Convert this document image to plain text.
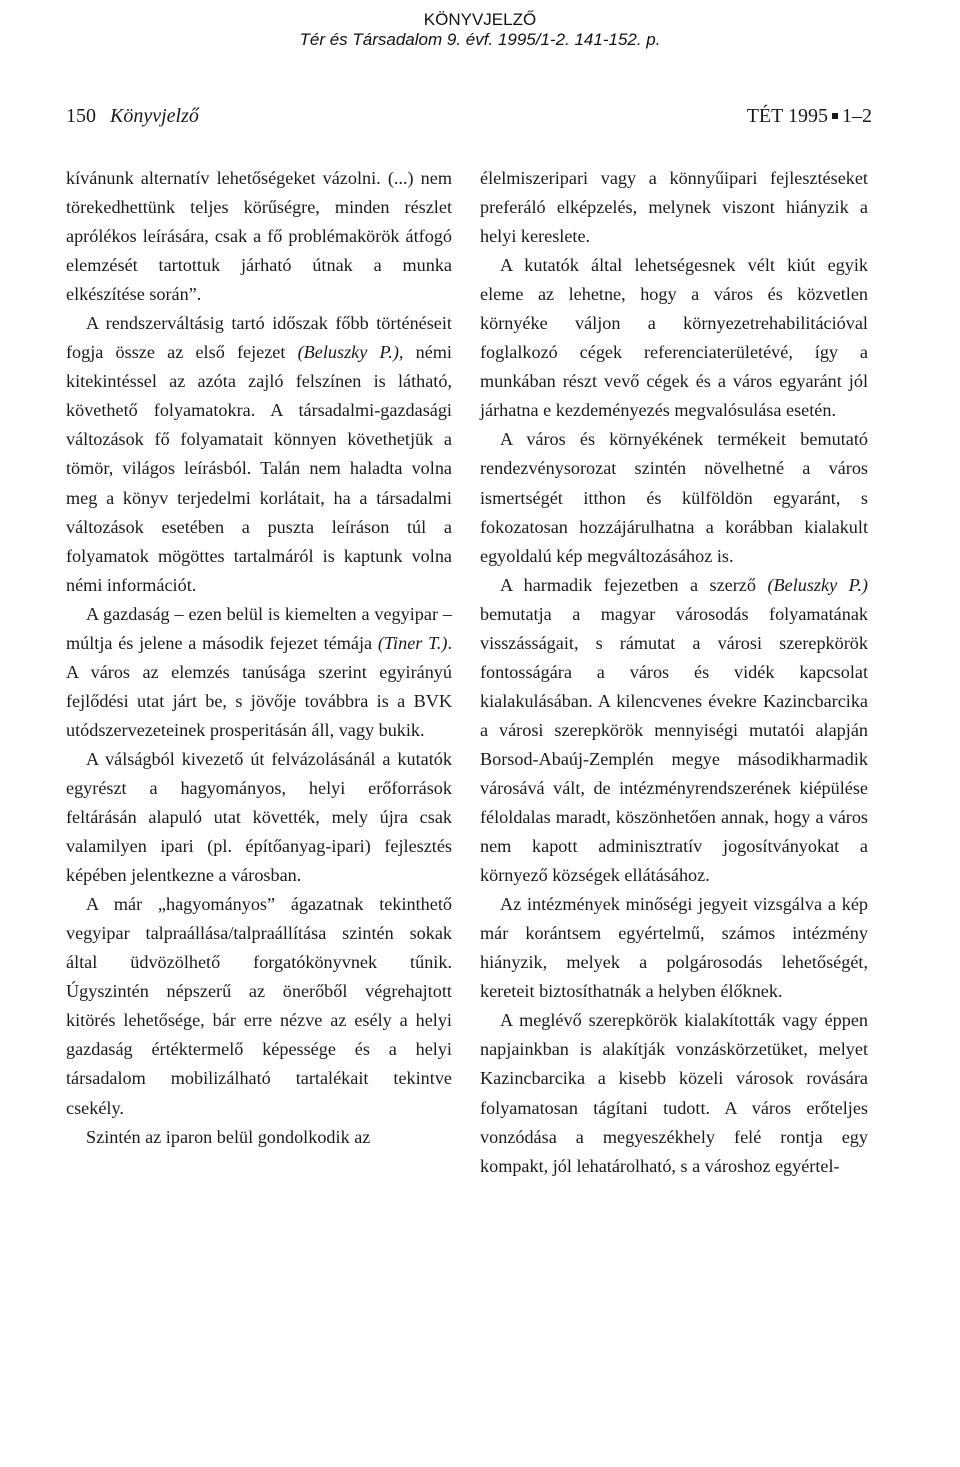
KÖNYVJELZŐ
Tér és Társadalom 9. évf. 1995/1-2. 141-152. p.
150 Könyvjelző	TÉT 1995 1–2

kívánunk alternatív lehetőségeket vázolni. (...) nem törekedhettünk teljes körűségre, minden részlet aprólékos leírására, csak a fő problémakörök átfogó elemzését tartottuk járható útnak a munka elkészítése során”.

A rendszerváltásig tartó időszak főbb történéseit fogja össze az első fejezet (Beluszky P.), némi kitekintéssel az azóta zajló felszínen is látható, követhető folyamatokra. A társadalmi-gazdasági változások fő folyamatait könnyen követhetjük a tömör, világos leírásból. Talán nem haladta volna meg a könyv terjedelmi korlátait, ha a társadalmi változások esetében a puszta leíráson túl a folyamatok mögöttes tartalmáról is kaptunk volna némi információt.

A gazdaság – ezen belül is kiemelten a vegyipar – múltja és jelene a második fejezet témája (Tiner T.). A város az elemzés tanúsága szerint egyirányú fejlődési utat járt be, s jövője továbbra is a BVK utódszervezeteinek prosperitásán áll, vagy bukik.

A válságból kivezető út felvázolásánál a kutatók egyrészt a hagyományos, helyi erőforrások feltárásán alapuló utat követték, mely újra csak valamilyen ipari (pl. építőanyag-ipari) fejlesztés képében jelentkezne a városban.

A már „hagyományos” ágazatnak tekinthető vegyipar talpraállása/talpraállítása szintén sokak által üdvözölhető forgatókönyvnek tűnik. Úgyszintén népszerű az önerőből végrehajtott kitörés lehetősége, bár erre nézve az esély a helyi gazdaság értéktermelő képessége és a helyi társadalom mobilizálható tartalékait tekintve csekély.

Szintén az iparon belül gondolkodik az

élelmiszeripari vagy a könnyűipari fejlesztéseket preferáló elképzelés, melynek viszont hiányzik a helyi kereslete.

A kutatók által lehetségesnek vélt kiút egyik eleme az lehetne, hogy a város és közvetlen környéke váljon a környezetrehabilitációval foglalkozó cégek referenciaterületévé, így a munkában részt vevő cégek és a város egyaránt jól járhatna e kezdeményezés megvalósulása esetén.

A város és környékének termékeit bemutató rendezvénysorozat szintén növelhetné a város ismertségét itthon és külföldön egyaránt, s fokozatosan hozzájárulhatna a korábban kialakult egyoldalú kép megváltozásához is.

A harmadik fejezetben a szerző (Beluszky P.) bemutatja a magyar városodás folyamatának visszásságait, s rámutat a városi szerepkörök fontosságára a város és vidék kapcsolat kialakulásában. A kilencvenes évekre Kazincbarcika a városi szerepkörök mennyiségi mutatói alapján Borsod-Abaúj-Zemplén megye másodikharmadik városává vált, de intézményrendszerének kiépülése féloldalas maradt, köszönhetően annak, hogy a város nem kapott adminisztratív jogosítványokat a környező községek ellátásához.

Az intézmények minőségi jegyeit vizsgálva a kép már korántsem egyértelmű, számos intézmény hiányzik, melyek a polgárosodás lehetőségét, kereteit biztosíthatnák a helyben élőknek.

A meglévő szerepkörök kialakították vagy éppen napjainkban is alakítják vonzáskörzetüket, melyet Kazincbarcika a kisebb közeli városok rovására folyamatosan tágítani tudott. A város erőteljes vonzódása a megyeszékhely felé rontja egy kompakt, jól lehatárolható, s a városhoz egyértel-
